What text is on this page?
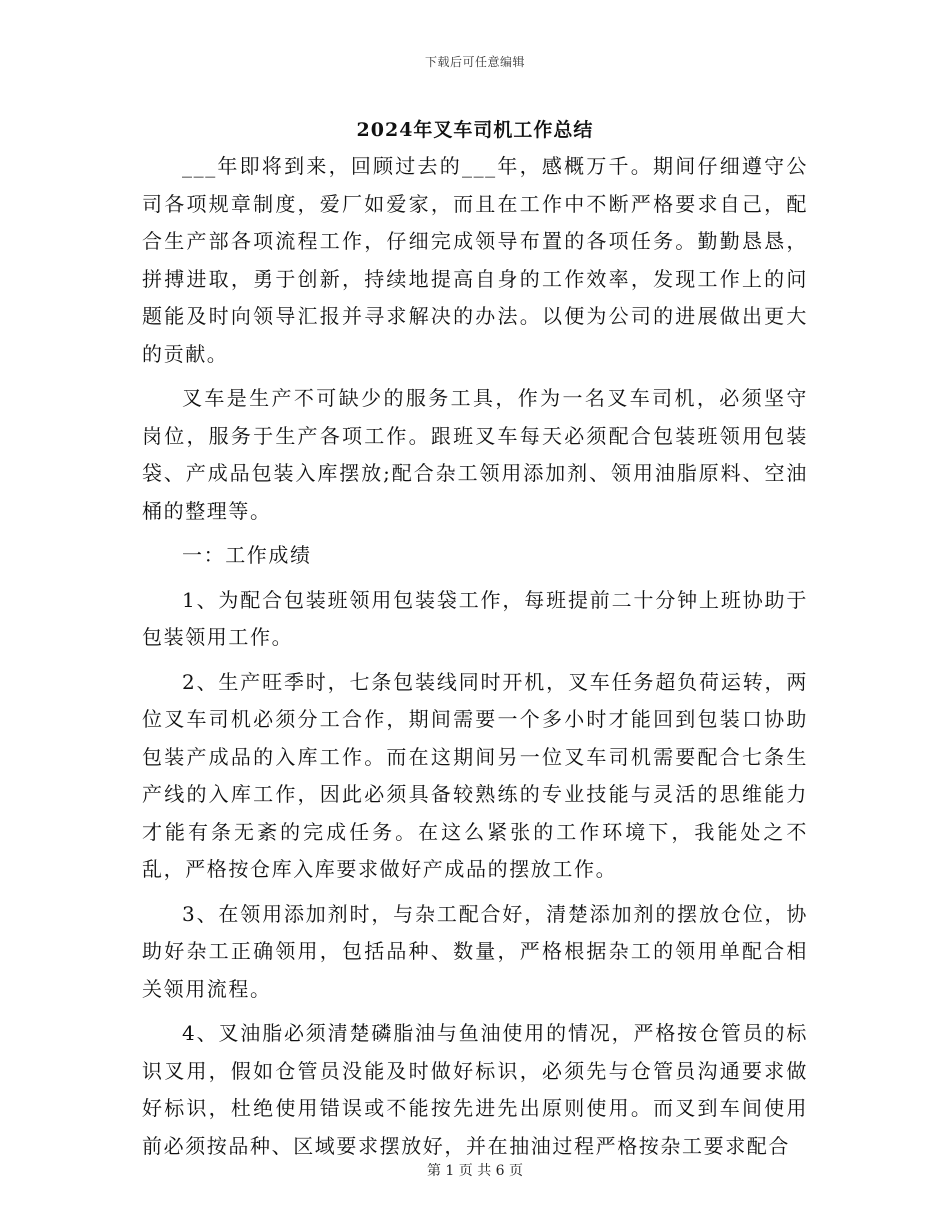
下载后可任意编辑
2024年叉车司机工作总结

___年即将到来，回顾过去的___年，感概万千。期间仔细遵守公司各项规章制度，爱厂如爱家，而且在工作中不断严格要求自己，配合生产部各项流程工作，仔细完成领导布置的各项任务。勤勤恳恳，拼搏进取，勇于创新，持续地提高自身的工作效率，发现工作上的问题能及时向领导汇报并寻求解决的办法。以便为公司的进展做出更大的贡献。

叉车是生产不可缺少的服务工具，作为一名叉车司机，必须坚守岗位，服务于生产各项工作。跟班叉车每天必须配合包装班领用包装袋、产成品包装入库摆放;配合杂工领用添加剂、领用油脂原料、空油桶的整理等。

一：工作成绩

1、为配合包装班领用包装袋工作，每班提前二十分钟上班协助于包装领用工作。

2、生产旺季时，七条包装线同时开机，叉车任务超负荷运转，两位叉车司机必须分工合作，期间需要一个多小时才能回到包装口协助包装产成品的入库工作。而在这期间另一位叉车司机需要配合七条生产线的入库工作，因此必须具备较熟练的专业技能与灵活的思维能力才能有条无紊的完成任务。在这么紧张的工作环境下，我能处之不乱，严格按仓库入库要求做好产成品的摆放工作。

3、在领用添加剂时，与杂工配合好，清楚添加剂的摆放仓位，协助好杂工正确领用，包括品种、数量，严格根据杂工的领用单配合相关领用流程。

4、叉油脂必须清楚磷脂油与鱼油使用的情况，严格按仓管员的标识叉用，假如仓管员没能及时做好标识，必须先与仓管员沟通要求做好标识，杜绝使用错误或不能按先进先出原则使用。而叉到车间使用前必须按品种、区域要求摆放好，并在抽油过程严格按杂工要求配合

第 1 页 共 6 页
